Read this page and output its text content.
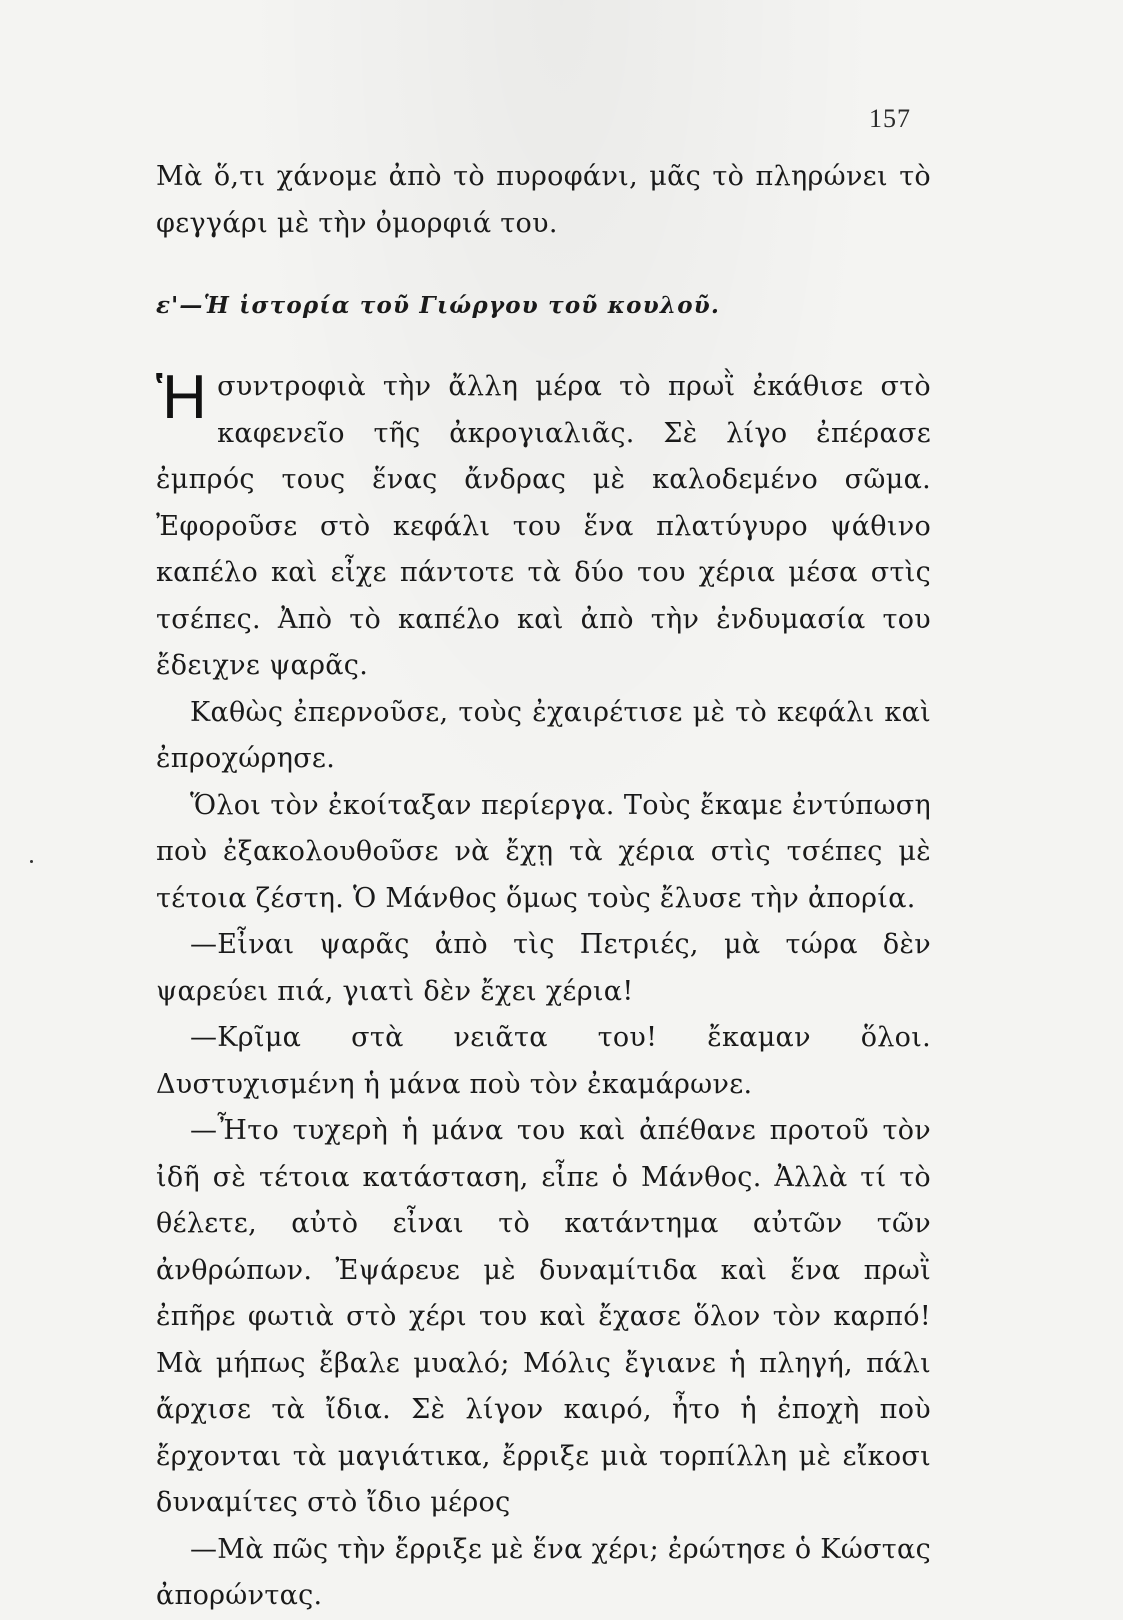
157

Μὰ ὅ,τι χάνομε ἀπὸ τὸ πυροφάνι, μᾶς τὸ πληρώνει τὸ φεγγάρι μὲ τὴν ὀμορφιά του.

ε'—Ἡ ἱστορία τοῦ Γιώργου τοῦ κουλοῦ.

Ἡσυντροφιὰ τὴν ἄλλη μέρα τὸ πρωῒ ἐκάθισε στὸ καφενεῖο τῆς ἀκρογιαλιᾶς. Σὲ λίγο ἐπέρασε ἐμπρός τους ἕνας ἄνδρας μὲ καλοδεμένο σῶμα. Ἐφοροῦσε στὸ κεφάλι του ἕνα πλατύγυρο ψάθινο καπέλο καὶ εἶχε πάντοτε τὰ δύο του χέρια μέσα στὶς τσέπες. Ἀπὸ τὸ καπέλο καὶ ἀπὸ τὴν ἐνδυμασία του ἔδειχνε ψαρᾶς.

Καθὼς ἐπερνοῦσε, τοὺς ἐχαιρέτισε μὲ τὸ κεφάλι καὶ ἐπροχώρησε.

Ὅλοι τὸν ἐκοίταξαν περίεργα. Τοὺς ἔκαμε ἐντύπωση ποὺ ἐξακολουθοῦσε νὰ ἔχῃ τὰ χέρια στὶς τσέπες μὲ τέτοια ζέστη. Ὁ Μάνθος ὅμως τοὺς ἔλυσε τὴν ἀπορία.

—Εἶναι ψαρᾶς ἀπὸ τὶς Πετριές, μὰ τώρα δὲν ψαρεύει πιά, γιατὶ δὲν ἔχει χέρια!

—Κρῖμα στὰ νειᾶτα του! ἔκαμαν ὅλοι. Δυστυχισμένη ἡ μάνα ποὺ τὸν ἐκαμάρωνε.

—Ἦτο τυχερὴ ἡ μάνα του καὶ ἀπέθανε προτοῦ τὸν ἰδῆ σὲ τέτοια κατάσταση, εἶπε ὁ Μάνθος. Ἀλλὰ τί τὸ θέλετε, αὐτὸ εἶναι τὸ κατάντημα αὐτῶν τῶν ἀνθρώπων. Ἐψάρευε μὲ δυναμίτιδα καὶ ἕνα πρωῒ ἐπῆρε φωτιὰ στὸ χέρι του καὶ ἔχασε ὅλον τὸν καρπό! Μὰ μήπως ἔβαλε μυαλό; Μόλις ἔγιανε ἡ πληγή, πάλι ἄρχισε τὰ ἴδια. Σὲ λίγον καιρό, ἦτο ἡ ἐποχὴ ποὺ ἔρχονται τὰ μαγιάτικα, ἔρριξε μιὰ τορπίλλη μὲ εἴκοσι δυναμίτες στὸ ἴδιο μέρος

—Μὰ πῶς τὴν ἔρριξε μὲ ἕνα χέρι; ἐρώτησε ὁ Κώστας ἀπορώντας.
